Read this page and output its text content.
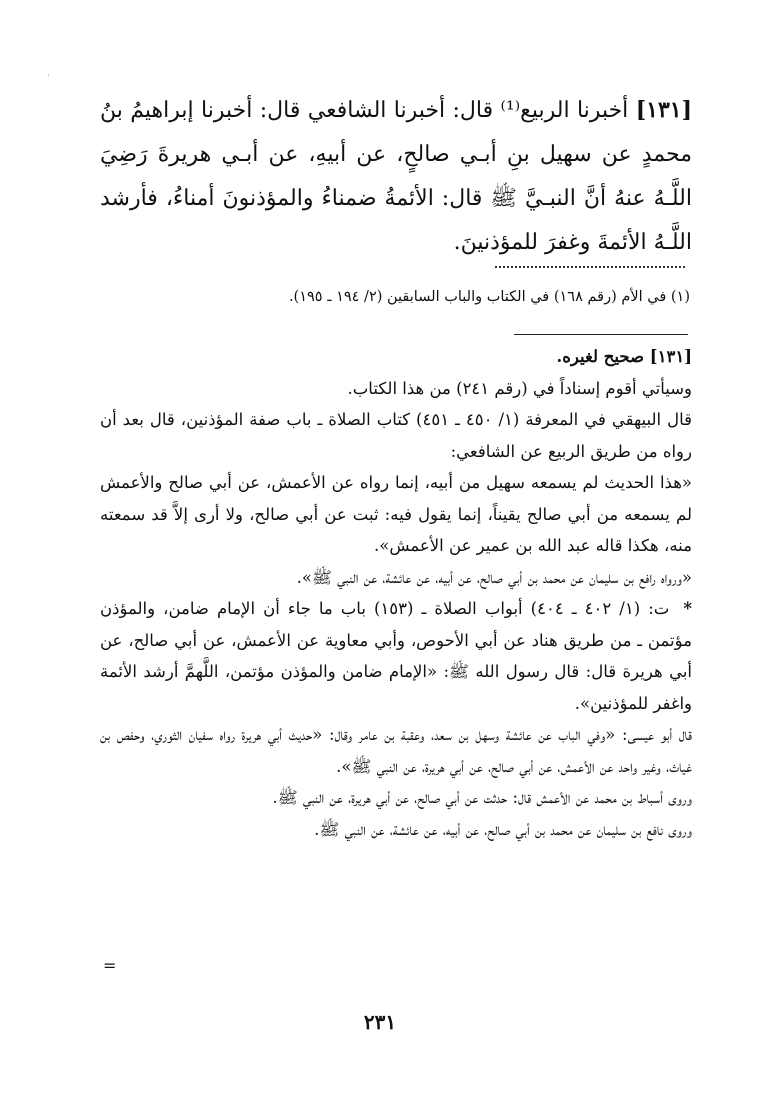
'

[١٣١] أخبرنا الربيع⁽¹⁾ قال: أخبرنا الشافعي قال: أخبرنا إبراهيمُ بنُ محمدٍ عن سهيل بنِ أبـي صالحٍ، عن أبيهِ، عن أبـي هريرةَ رَضِيَ اللَّـهُ عنهُ أنَّ النبـيَّ ﷺ قال: الأئمةُ ضمناءُ والمؤذنونَ أمناءُ، فأرشد اللَّـهُ الأئمةَ وغفرَ للمؤذنينَ.

(١) في الأم (رقم ١٦٨) في الكتاب والباب السابقين (٢/ ١٩٤ ـ ١٩٥).

[١٣١] صحيح لغيره.

وسيأتي أقوم إسناداً في (رقم ٢٤١) من هذا الكتاب.

قال البيهقي في المعرفة (١/ ٤٥٠ ـ ٤٥١) كتاب الصلاة ـ باب صفة المؤذنين، قال بعد أن رواه من طريق الربيع عن الشافعي:

«هذا الحديث لم يسمعه سهيل من أبيه، إنما رواه عن الأعمش، عن أبي صالح والأعمش لم يسمعه من أبي صالح يقيناً، إنما يقول فيه: ثبت عن أبي صالح، ولا أرى إلاَّ قد سمعته منه، هكذا قاله عبد الله بن عمير عن الأعمش».

«ورواه رافع بن سليمان عن محمد بن أبي صالح، عن أبيه، عن عائشة، عن النبي ﷺ».

* ت: (١/ ٤٠٢ ـ ٤٠٤) أبواب الصلاة ـ (١٥٣) باب ما جاء أن الإمام ضامن، والمؤذن مؤتمن ـ من طريق هناد عن أبي الأحوص، وأبي معاوية عن الأعمش، عن أبي صالح، عن أبي هريرة قال: قال رسول الله ﷺ: «الإمام ضامن والمؤذن مؤتمن، اللَّهمَّ أرشد الأئمة واغفر للمؤذنين».

قال أبو عيسى: «وفي الباب عن عائشة وسهل بن سعد، وعقبة بن عامر وقال: «حديث أبي هريرة رواه سفيان الثوري، وحفص بن غياث، وغير واحد عن الأعمش، عن أبي صالح، عن أبي هريرة، عن النبي ﷺ».

وروى أسباط بن محمد عن الأعمش قال: حدثت عن أبي صالح، عن أبي هريرة، عن النبي ﷺ.

وروى نافع بن سليمان عن محمد بن أبي صالح، عن أبيه، عن عائشة، عن النبي ﷺ.

=
٢٣١
